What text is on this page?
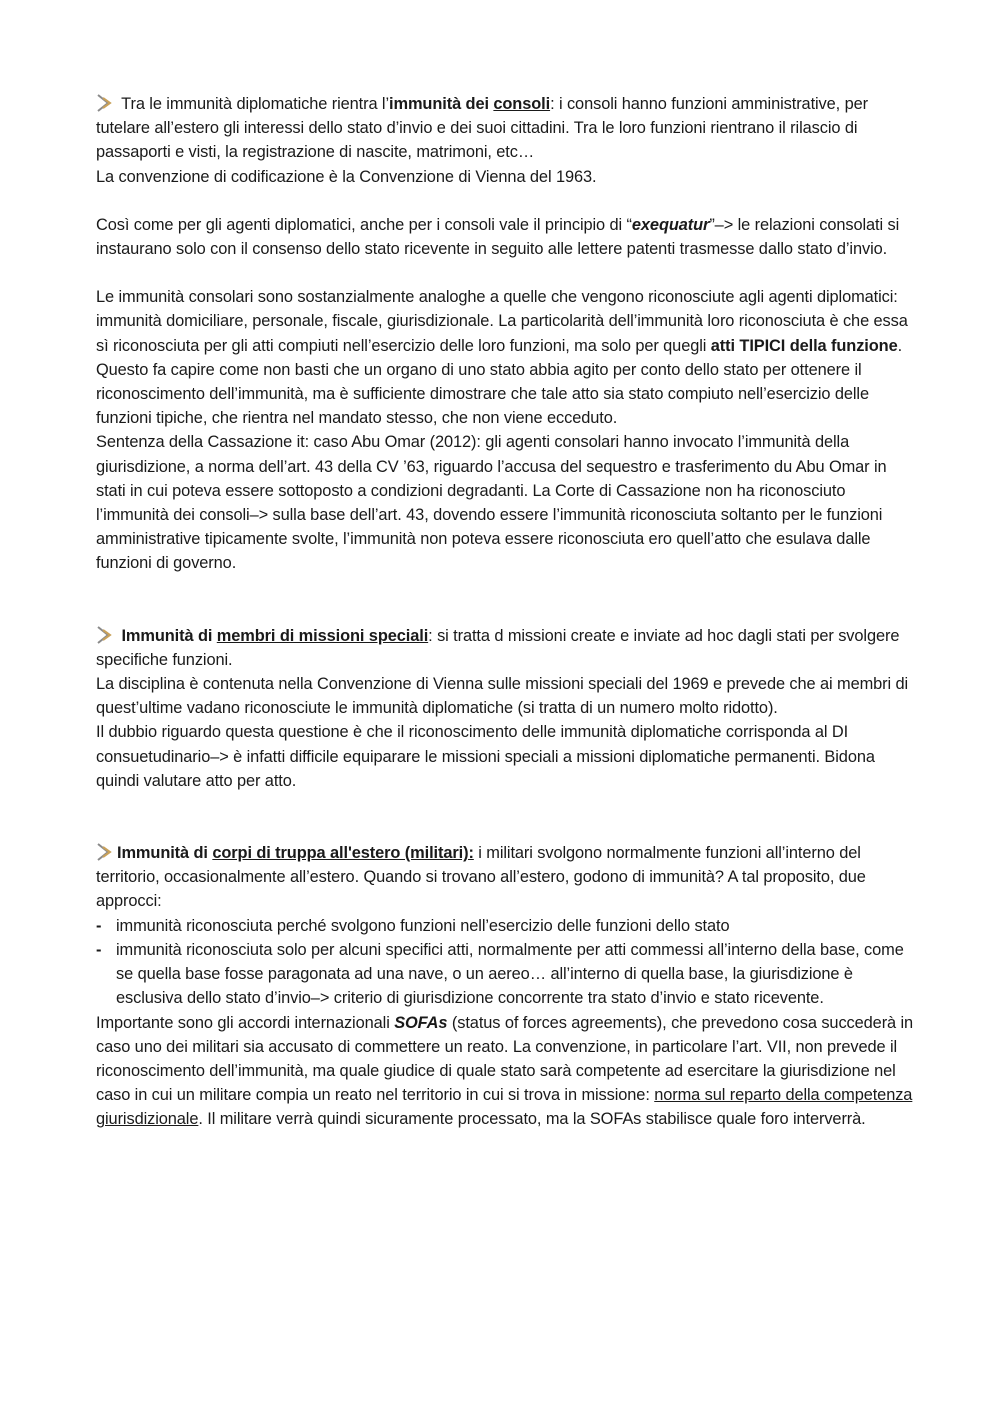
Tra le immunità diplomatiche rientra l’immunità dei consoli: i consoli hanno funzioni amministrative, per tutelare all’estero gli interessi dello stato d’invio e dei suoi cittadini. Tra le loro funzioni rientrano il rilascio di passaporti e visti, la registrazione di nascite, matrimoni, etc…

La convenzione di codificazione è la Convenzione di Vienna del 1963.

Così come per gli agenti diplomatici, anche per i consoli vale il principio di “exequatur”–> le relazioni consolati si instaurano solo con il consenso dello stato ricevente in seguito alle lettere patenti trasmesse dallo stato d’invio.

Le immunità consolari sono sostanzialmente analoghe a quelle che vengono riconosciute agli agenti diplomatici: immunità domiciliare, personale, fiscale, giurisdizionale. La particolarità dell’immunità loro riconosciuta è che essa sì riconosciuta per gli atti compiuti nell’esercizio delle loro funzioni, ma solo per quegli atti TIPICI della funzione. Questo fa capire come non basti che un organo di uno stato abbia agito per conto dello stato per ottenere il riconoscimento dell’immunità, ma è sufficiente dimostrare che tale atto sia stato compiuto nell’esercizio delle funzioni tipiche, che rientra nel mandato stesso, che non viene ecceduto.

Sentenza della Cassazione it: caso Abu Omar (2012): gli agenti consolari hanno invocato l’immunità della giurisdizione, a norma dell’art. 43 della CV ’63, riguardo l’accusa del sequestro e trasferimento du Abu Omar in stati in cui poteva essere sottoposto a condizioni degradanti. La Corte di Cassazione non ha riconosciuto l’immunità dei consoli–> sulla base dell’art. 43, dovendo essere l’immunità riconosciuta soltanto per le funzioni amministrative tipicamente svolte, l’immunità non poteva essere riconosciuta ero quell’atto che esulava dalle funzioni di governo.

Immunità di membri di missioni speciali: si tratta d missioni create e inviate ad hoc dagli stati per svolgere specifiche funzioni.

La disciplina è contenuta nella Convenzione di Vienna sulle missioni speciali del 1969 e prevede che ai membri di quest’ultime vadano riconosciute le immunità diplomatiche (si tratta di un numero molto ridotto).

Il dubbio riguardo questa questione è che il riconoscimento delle immunità diplomatiche corrisponda al DI consuetudinario–> è infatti difficile equiparare le missioni speciali a missioni diplomatiche permanenti. Bidona quindi valutare atto per atto.

Immunità di corpi di truppa all'estero (militari): i militari svolgono normalmente funzioni all’interno del territorio, occasionalmente all’estero. Quando si trovano all’estero, godono di immunità? A tal proposito, due approcci:

- immunità riconosciuta perché svolgono funzioni nell’esercizio delle funzioni dello stato
- immunità riconosciuta solo per alcuni specifici atti, normalmente per atti commessi all’interno della base, come se quella base fosse paragonata ad una nave, o un aereo… all’interno di quella base, la giurisdizione è esclusiva dello stato d’invio–> criterio di giurisdizione concorrente tra stato d’invio e stato ricevente.

Importante sono gli accordi internazionali SOFAs (status of forces agreements), che prevedono cosa succederà in caso uno dei militari sia accusato di commettere un reato. La convenzione, in particolare l’art. VII, non prevede il riconoscimento dell’immunità, ma quale giudice di quale stato sarà competente ad esercitare la giurisdizione nel caso in cui un militare compia un reato nel territorio in cui si trova in missione: norma sul reparto della competenza giurisdizionale. Il militare verrà quindi sicuramente processato, ma la SOFAs stabilisce quale foro interverrà.
